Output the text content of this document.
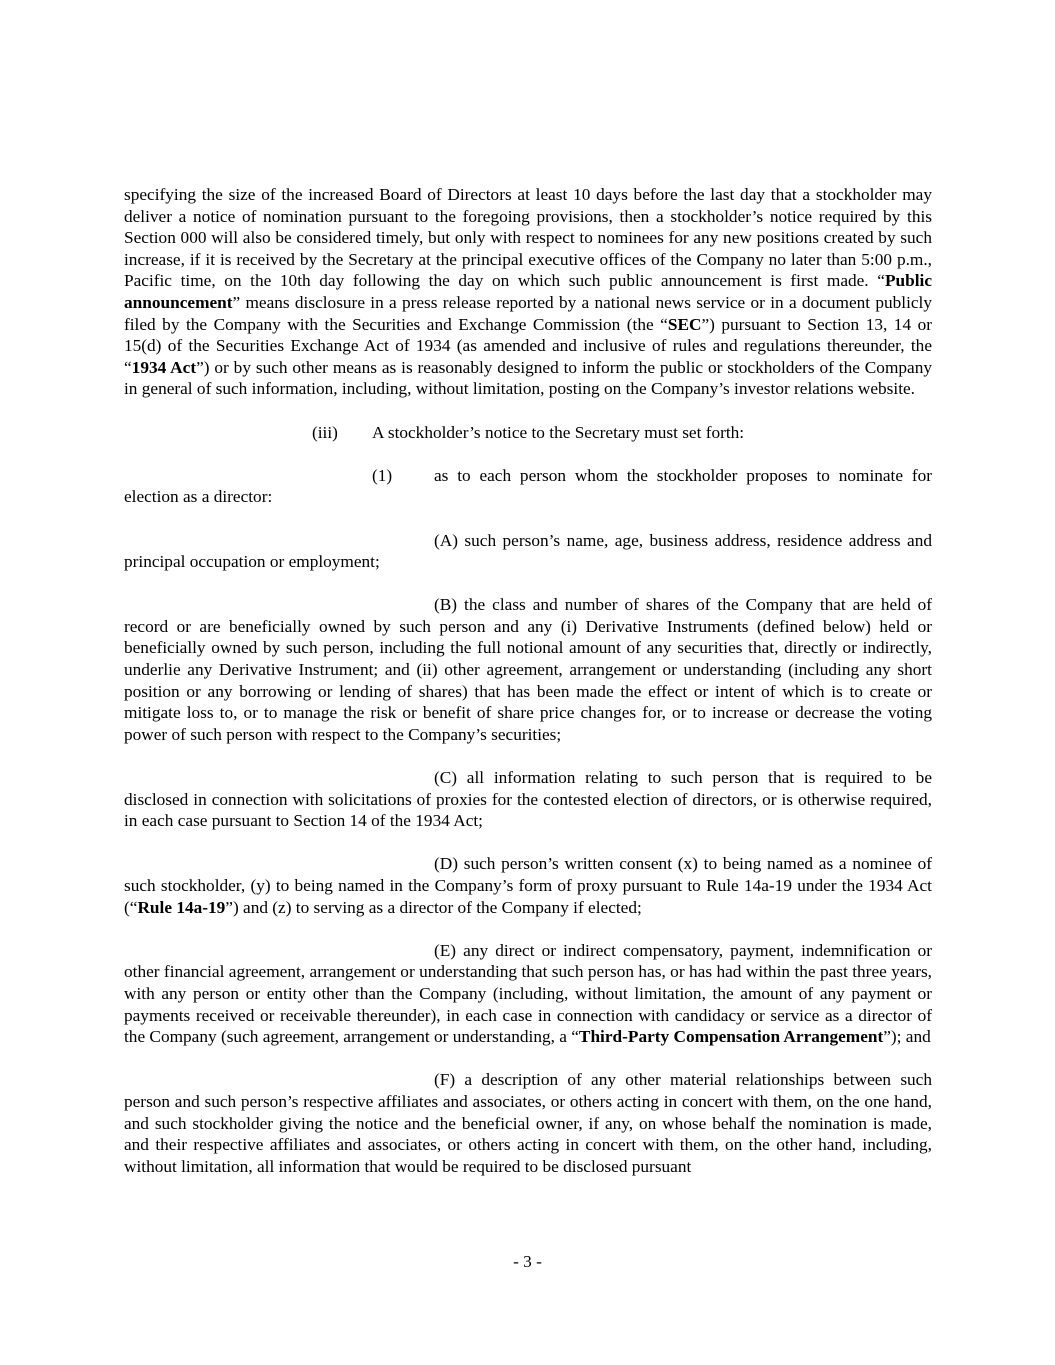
specifying the size of the increased Board of Directors at least 10 days before the last day that a stockholder may deliver a notice of nomination pursuant to the foregoing provisions, then a stockholder’s notice required by this Section 000 will also be considered timely, but only with respect to nominees for any new positions created by such increase, if it is received by the Secretary at the principal executive offices of the Company no later than 5:00 p.m., Pacific time, on the 10th day following the day on which such public announcement is first made. “Public announcement” means disclosure in a press release reported by a national news service or in a document publicly filed by the Company with the Securities and Exchange Commission (the “SEC”) pursuant to Section 13, 14 or 15(d) of the Securities Exchange Act of 1934 (as amended and inclusive of rules and regulations thereunder, the “1934 Act”) or by such other means as is reasonably designed to inform the public or stockholders of the Company in general of such information, including, without limitation, posting on the Company’s investor relations website.

(iii) A stockholder’s notice to the Secretary must set forth:

(1) as to each person whom the stockholder proposes to nominate for election as a director:

(A) such person’s name, age, business address, residence address and principal occupation or employment;

(B) the class and number of shares of the Company that are held of record or are beneficially owned by such person and any (i) Derivative Instruments (defined below) held or beneficially owned by such person, including the full notional amount of any securities that, directly or indirectly, underlie any Derivative Instrument; and (ii) other agreement, arrangement or understanding (including any short position or any borrowing or lending of shares) that has been made the effect or intent of which is to create or mitigate loss to, or to manage the risk or benefit of share price changes for, or to increase or decrease the voting power of such person with respect to the Company’s securities;

(C) all information relating to such person that is required to be disclosed in connection with solicitations of proxies for the contested election of directors, or is otherwise required, in each case pursuant to Section 14 of the 1934 Act;

(D) such person’s written consent (x) to being named as a nominee of such stockholder, (y) to being named in the Company’s form of proxy pursuant to Rule 14a-19 under the 1934 Act (“Rule 14a-19”) and (z) to serving as a director of the Company if elected;

(E) any direct or indirect compensatory, payment, indemnification or other financial agreement, arrangement or understanding that such person has, or has had within the past three years, with any person or entity other than the Company (including, without limitation, the amount of any payment or payments received or receivable thereunder), in each case in connection with candidacy or service as a director of the Company (such agreement, arrangement or understanding, a “Third-Party Compensation Arrangement”); and

(F) a description of any other material relationships between such person and such person’s respective affiliates and associates, or others acting in concert with them, on the one hand, and such stockholder giving the notice and the beneficial owner, if any, on whose behalf the nomination is made, and their respective affiliates and associates, or others acting in concert with them, on the other hand, including, without limitation, all information that would be required to be disclosed pursuant

- 3 -
